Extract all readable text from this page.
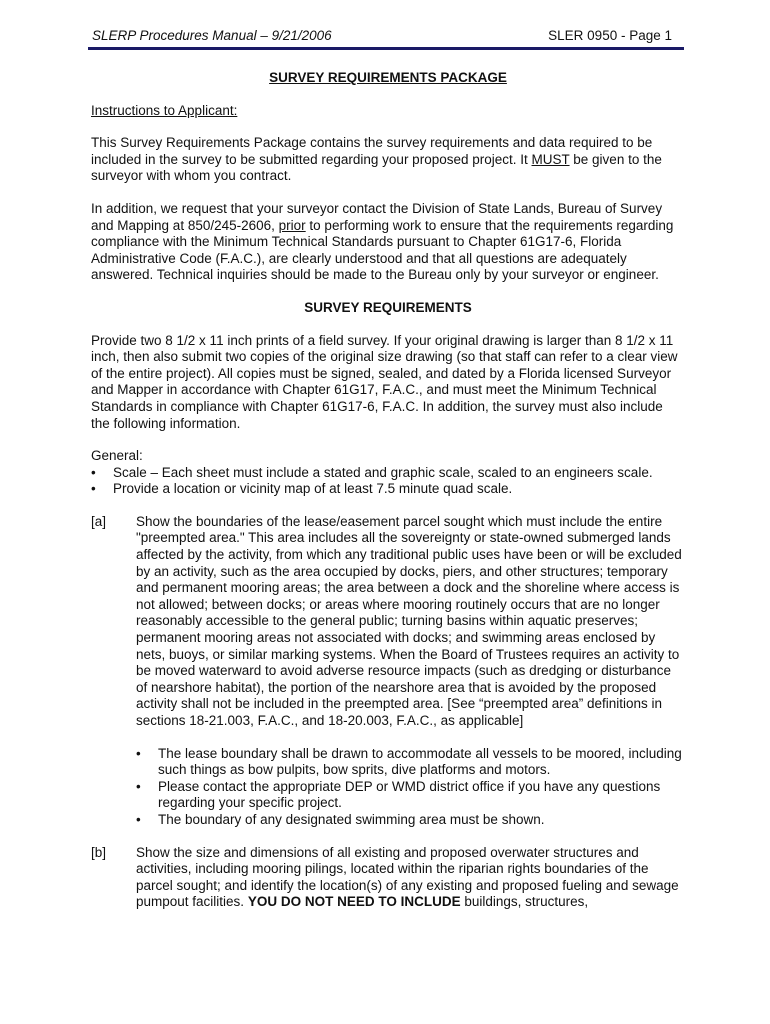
SLERP Procedures Manual – 9/21/2006	SLER 0950 - Page 1
SURVEY REQUIREMENTS PACKAGE

Instructions to Applicant:

This Survey Requirements Package contains the survey requirements and data required to be included in the survey to be submitted regarding your proposed project. It MUST be given to the surveyor with whom you contract.

In addition, we request that your surveyor contact the Division of State Lands, Bureau of Survey and Mapping at 850/245-2606, prior to performing work to ensure that the requirements regarding compliance with the Minimum Technical Standards pursuant to Chapter 61G17-6, Florida Administrative Code (F.A.C.), are clearly understood and that all questions are adequately answered. Technical inquiries should be made to the Bureau only by your surveyor or engineer.

SURVEY REQUIREMENTS

Provide two 8 1/2 x 11 inch prints of a field survey. If your original drawing is larger than 8 1/2 x 11 inch, then also submit two copies of the original size drawing (so that staff can refer to a clear view of the entire project). All copies must be signed, sealed, and dated by a Florida licensed Surveyor and Mapper in accordance with Chapter 61G17, F.A.C., and must meet the Minimum Technical Standards in compliance with Chapter 61G17-6, F.A.C. In addition, the survey must also include the following information.

General:
• Scale – Each sheet must include a stated and graphic scale, scaled to an engineers scale.
• Provide a location or vicinity map of at least 7.5 minute quad scale.
[a] Show the boundaries of the lease/easement parcel sought which must include the entire "preempted area." This area includes all the sovereignty or state-owned submerged lands affected by the activity, from which any traditional public uses have been or will be excluded by an activity, such as the area occupied by docks, piers, and other structures; temporary and permanent mooring areas; the area between a dock and the shoreline where access is not allowed; between docks; or areas where mooring routinely occurs that are no longer reasonably accessible to the general public; turning basins within aquatic preserves; permanent mooring areas not associated with docks; and swimming areas enclosed by nets, buoys, or similar marking systems. When the Board of Trustees requires an activity to be moved waterward to avoid adverse resource impacts (such as dredging or disturbance of nearshore habitat), the portion of the nearshore area that is avoided by the proposed activity shall not be included in the preempted area. [See “preempted area” definitions in sections 18-21.003, F.A.C., and 18-20.003, F.A.C., as applicable]
• The lease boundary shall be drawn to accommodate all vessels to be moored, including such things as bow pulpits, bow sprits, dive platforms and motors.
• Please contact the appropriate DEP or WMD district office if you have any questions regarding your specific project.
• The boundary of any designated swimming area must be shown.
[b] Show the size and dimensions of all existing and proposed overwater structures and activities, including mooring pilings, located within the riparian rights boundaries of the parcel sought; and identify the location(s) of any existing and proposed fueling and sewage pumpout facilities. YOU DO NOT NEED TO INCLUDE buildings, structures,
